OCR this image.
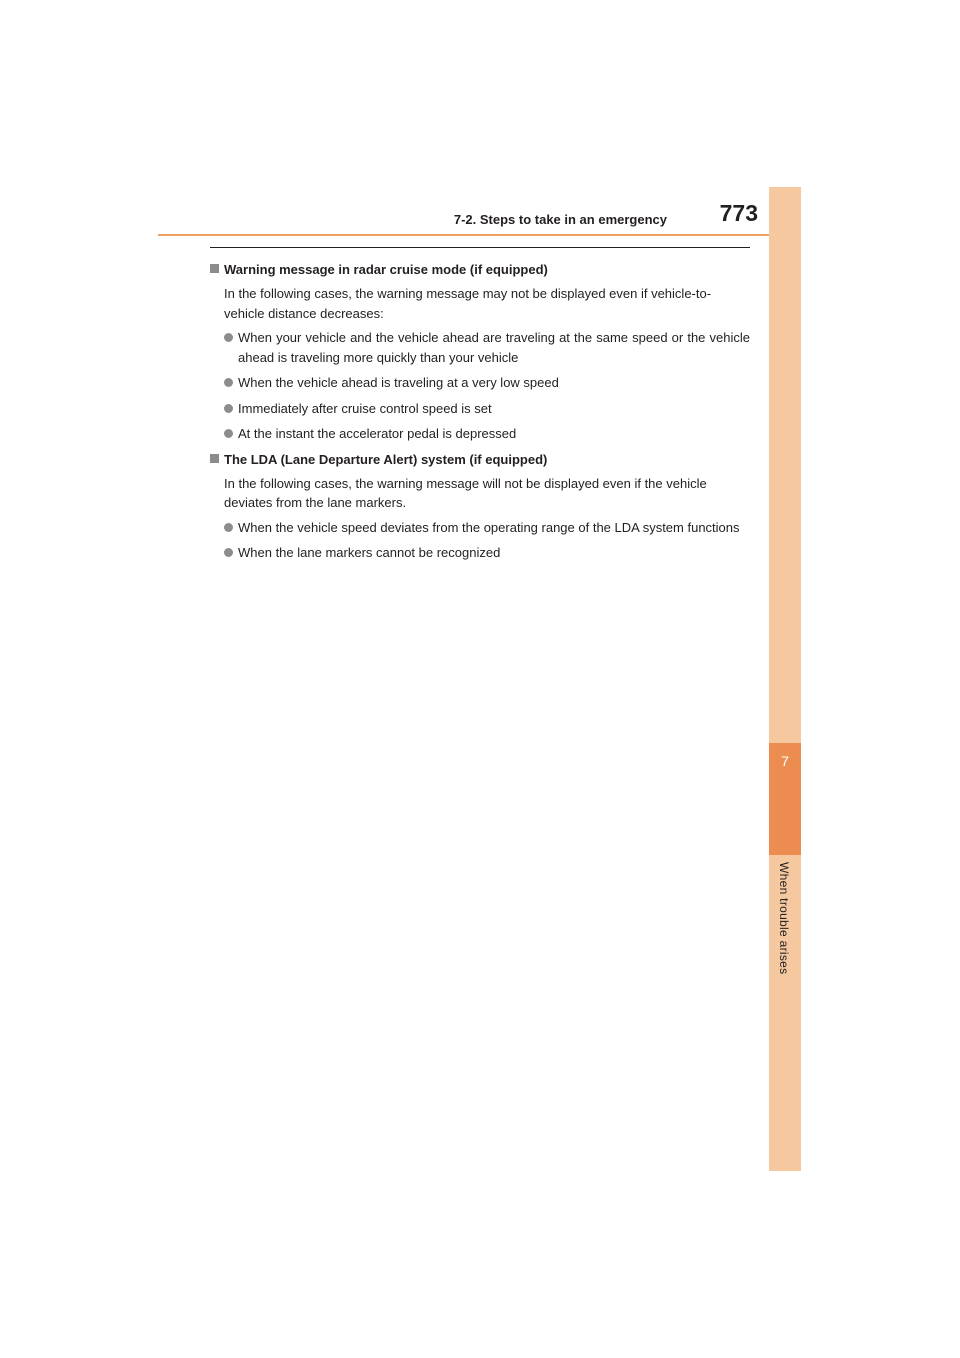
7-2. Steps to take in an emergency 773
7
When trouble arises
Warning message in radar cruise mode (if equipped)
In the following cases, the warning message may not be displayed even if vehicle-to-vehicle distance decreases:
When your vehicle and the vehicle ahead are traveling at the same speed or the vehicle ahead is traveling more quickly than your vehicle
When the vehicle ahead is traveling at a very low speed
Immediately after cruise control speed is set
At the instant the accelerator pedal is depressed
The LDA (Lane Departure Alert) system (if equipped)
In the following cases, the warning message will not be displayed even if the vehicle deviates from the lane markers.
When the vehicle speed deviates from the operating range of the LDA system functions
When the lane markers cannot be recognized
